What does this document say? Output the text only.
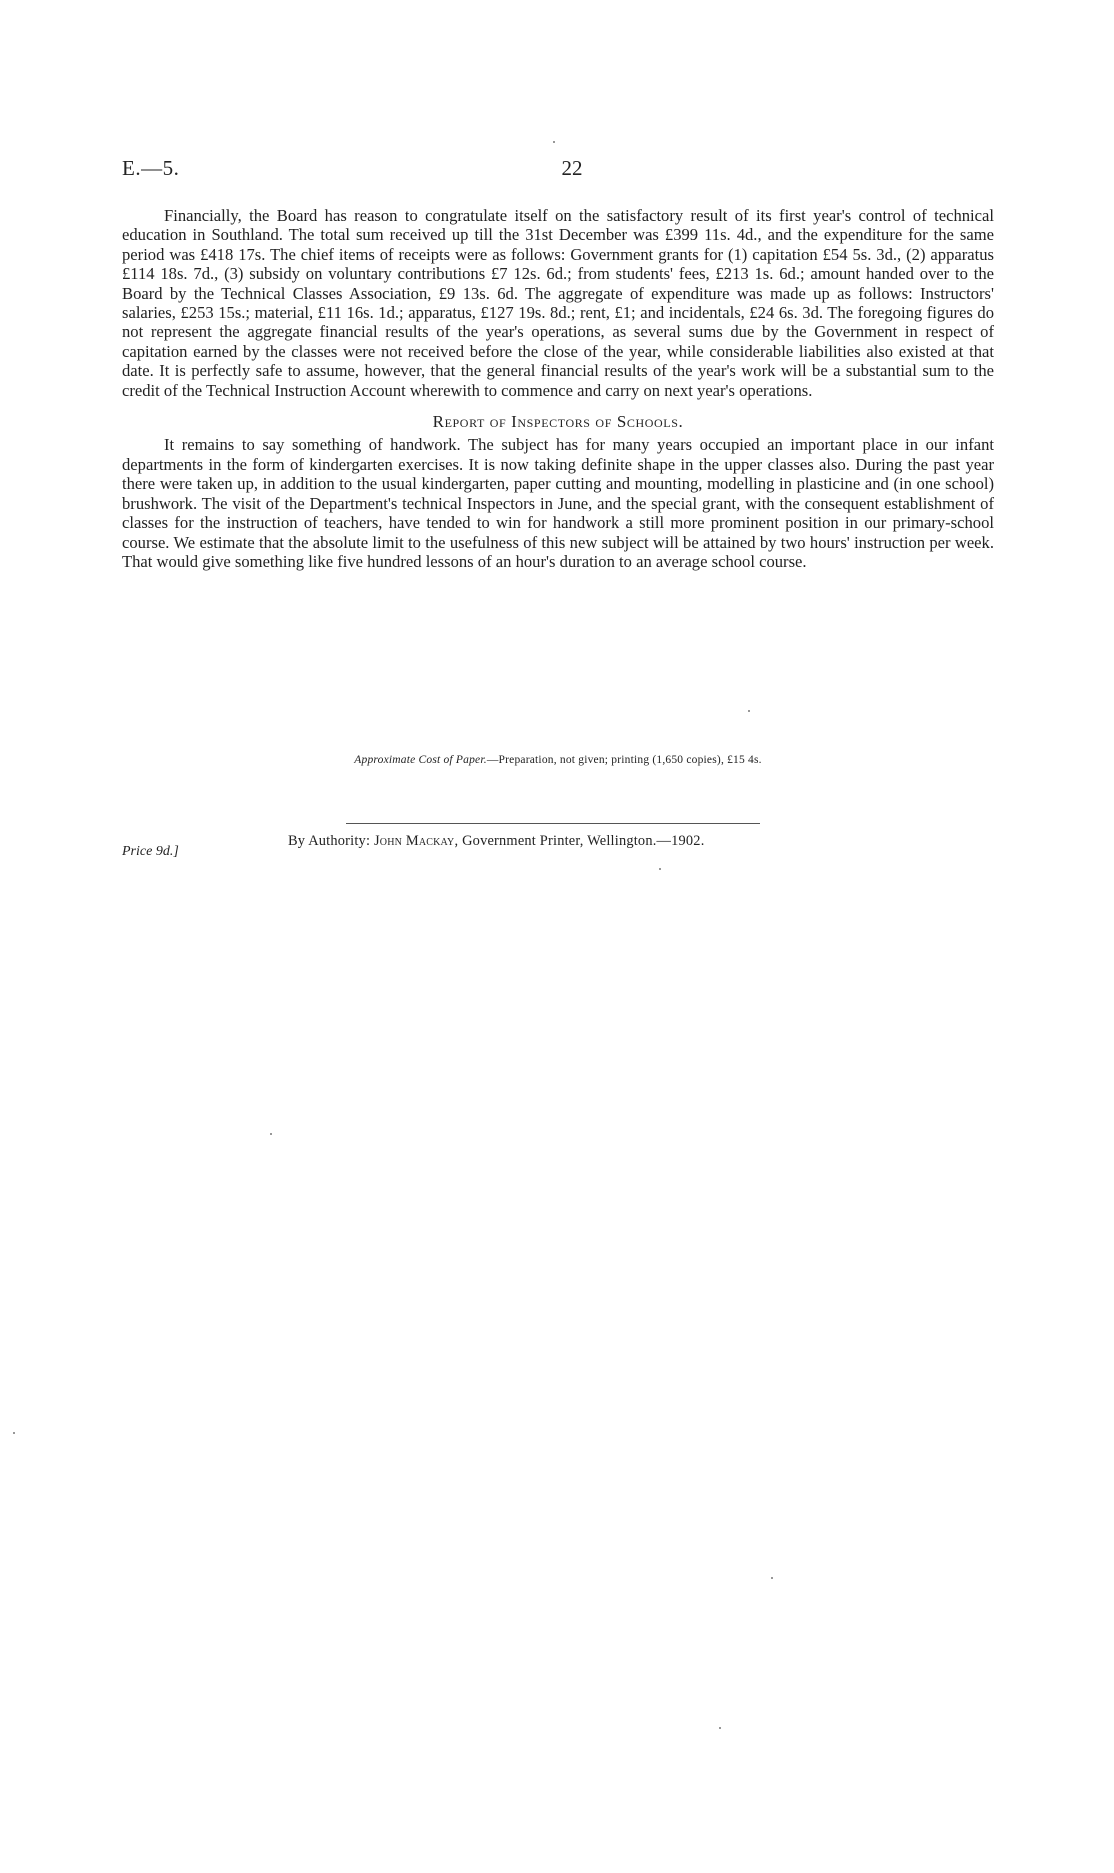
E.—5.	22

Financially, the Board has reason to congratulate itself on the satisfactory result of its first year's control of technical education in Southland. The total sum received up till the 31st December was £399 11s. 4d., and the expenditure for the same period was £418 17s. The chief items of receipts were as follows: Government grants for (1) capitation £54 5s. 3d., (2) apparatus £114 18s. 7d., (3) subsidy on voluntary contributions £7 12s. 6d.; from students' fees, £213 1s. 6d.; amount handed over to the Board by the Technical Classes Association, £9 13s. 6d. The aggregate of expenditure was made up as follows: Instructors' salaries, £253 15s.; material, £11 16s. 1d.; apparatus, £127 19s. 8d.; rent, £1; and incidentals, £24 6s. 3d. The foregoing figures do not represent the aggregate financial results of the year's operations, as several sums due by the Government in respect of capitation earned by the classes were not received before the close of the year, while considerable liabilities also existed at that date. It is perfectly safe to assume, however, that the general financial results of the year's work will be a substantial sum to the credit of the Technical Instruction Account wherewith to commence and carry on next year's operations.

Report of Inspectors of Schools.

It remains to say something of handwork. The subject has for many years occupied an important place in our infant departments in the form of kindergarten exercises. It is now taking definite shape in the upper classes also. During the past year there were taken up, in addition to the usual kindergarten, paper cutting and mounting, modelling in plasticine and (in one school) brushwork. The visit of the Department's technical Inspectors in June, and the special grant, with the consequent establishment of classes for the instruction of teachers, have tended to win for handwork a still more prominent position in our primary-school course. We estimate that the absolute limit to the usefulness of this new subject will be attained by two hours' instruction per week. That would give something like five hundred lessons of an hour's duration to an average school course.

Approximate Cost of Paper.—Preparation, not given; printing (1,650 copies), £15 4s.
Price 9d.]
By Authority: John Mackay, Government Printer, Wellington.—1902.
